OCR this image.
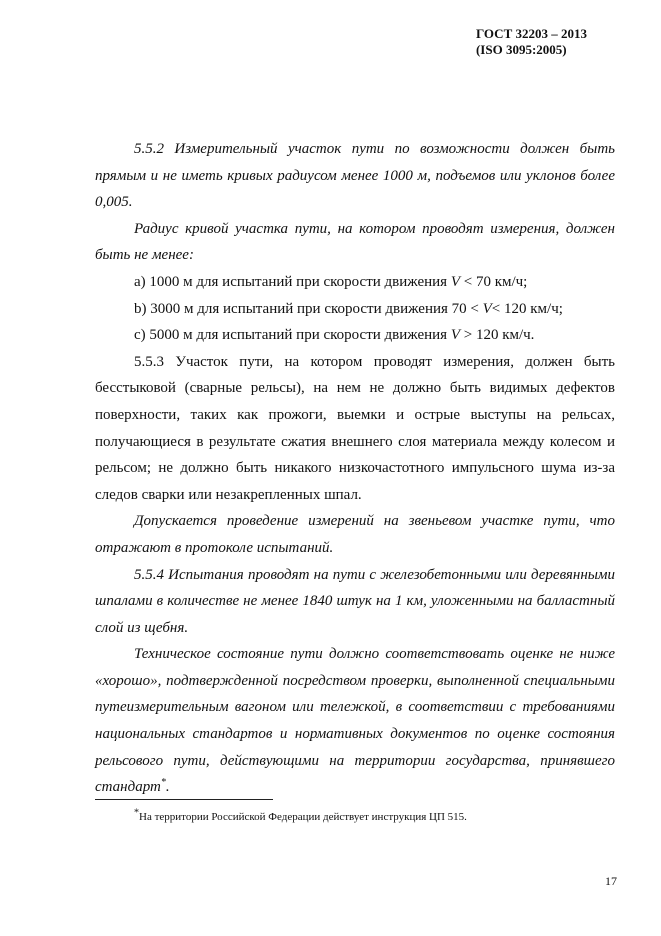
ГОСТ 32203 – 2013
(ISO 3095:2005)

5.5.2 Измерительный участок пути по возможности должен быть прямым и не иметь кривых радиусом менее 1000 м, подъемов или уклонов более 0,005.

Радиус кривой участка пути, на котором проводят измерения, должен быть не менее:

a) 1000 м для испытаний при скорости движения V < 70 км/ч;

b) 3000 м для испытаний при скорости движения 70 < V< 120 км/ч;

c) 5000 м для испытаний при скорости движения V > 120 км/ч.

5.5.3 Участок пути, на котором проводят измерения, должен быть бесстыковой (сварные рельсы), на нем не должно быть видимых дефектов поверхности, таких как прожоги, выемки и острые выступы на рельсах, получающиеся в результате сжатия внешнего слоя материала между колесом и рельсом; не должно быть никакого низкочастотного импульсного шума из-за следов сварки или незакрепленных шпал.

Допускается проведение измерений на звеньевом участке пути, что отражают в протоколе испытаний.

5.5.4 Испытания проводят на пути с железобетонными или деревянными шпалами в количестве не менее 1840 штук на 1 км, уложенными на балластный слой из щебня.

Техническое состояние пути должно соответствовать оценке не ниже «хорошо», подтвержденной посредством проверки, выполненной специальными путеизмерительным вагоном или тележкой, в соответствии с требованиями национальных стандартов и нормативных документов по оценке состояния рельсового пути, действующими на территории государства, принявшего стандарт*.

*На территории Российской Федерации действует инструкция ЦП 515.
17
